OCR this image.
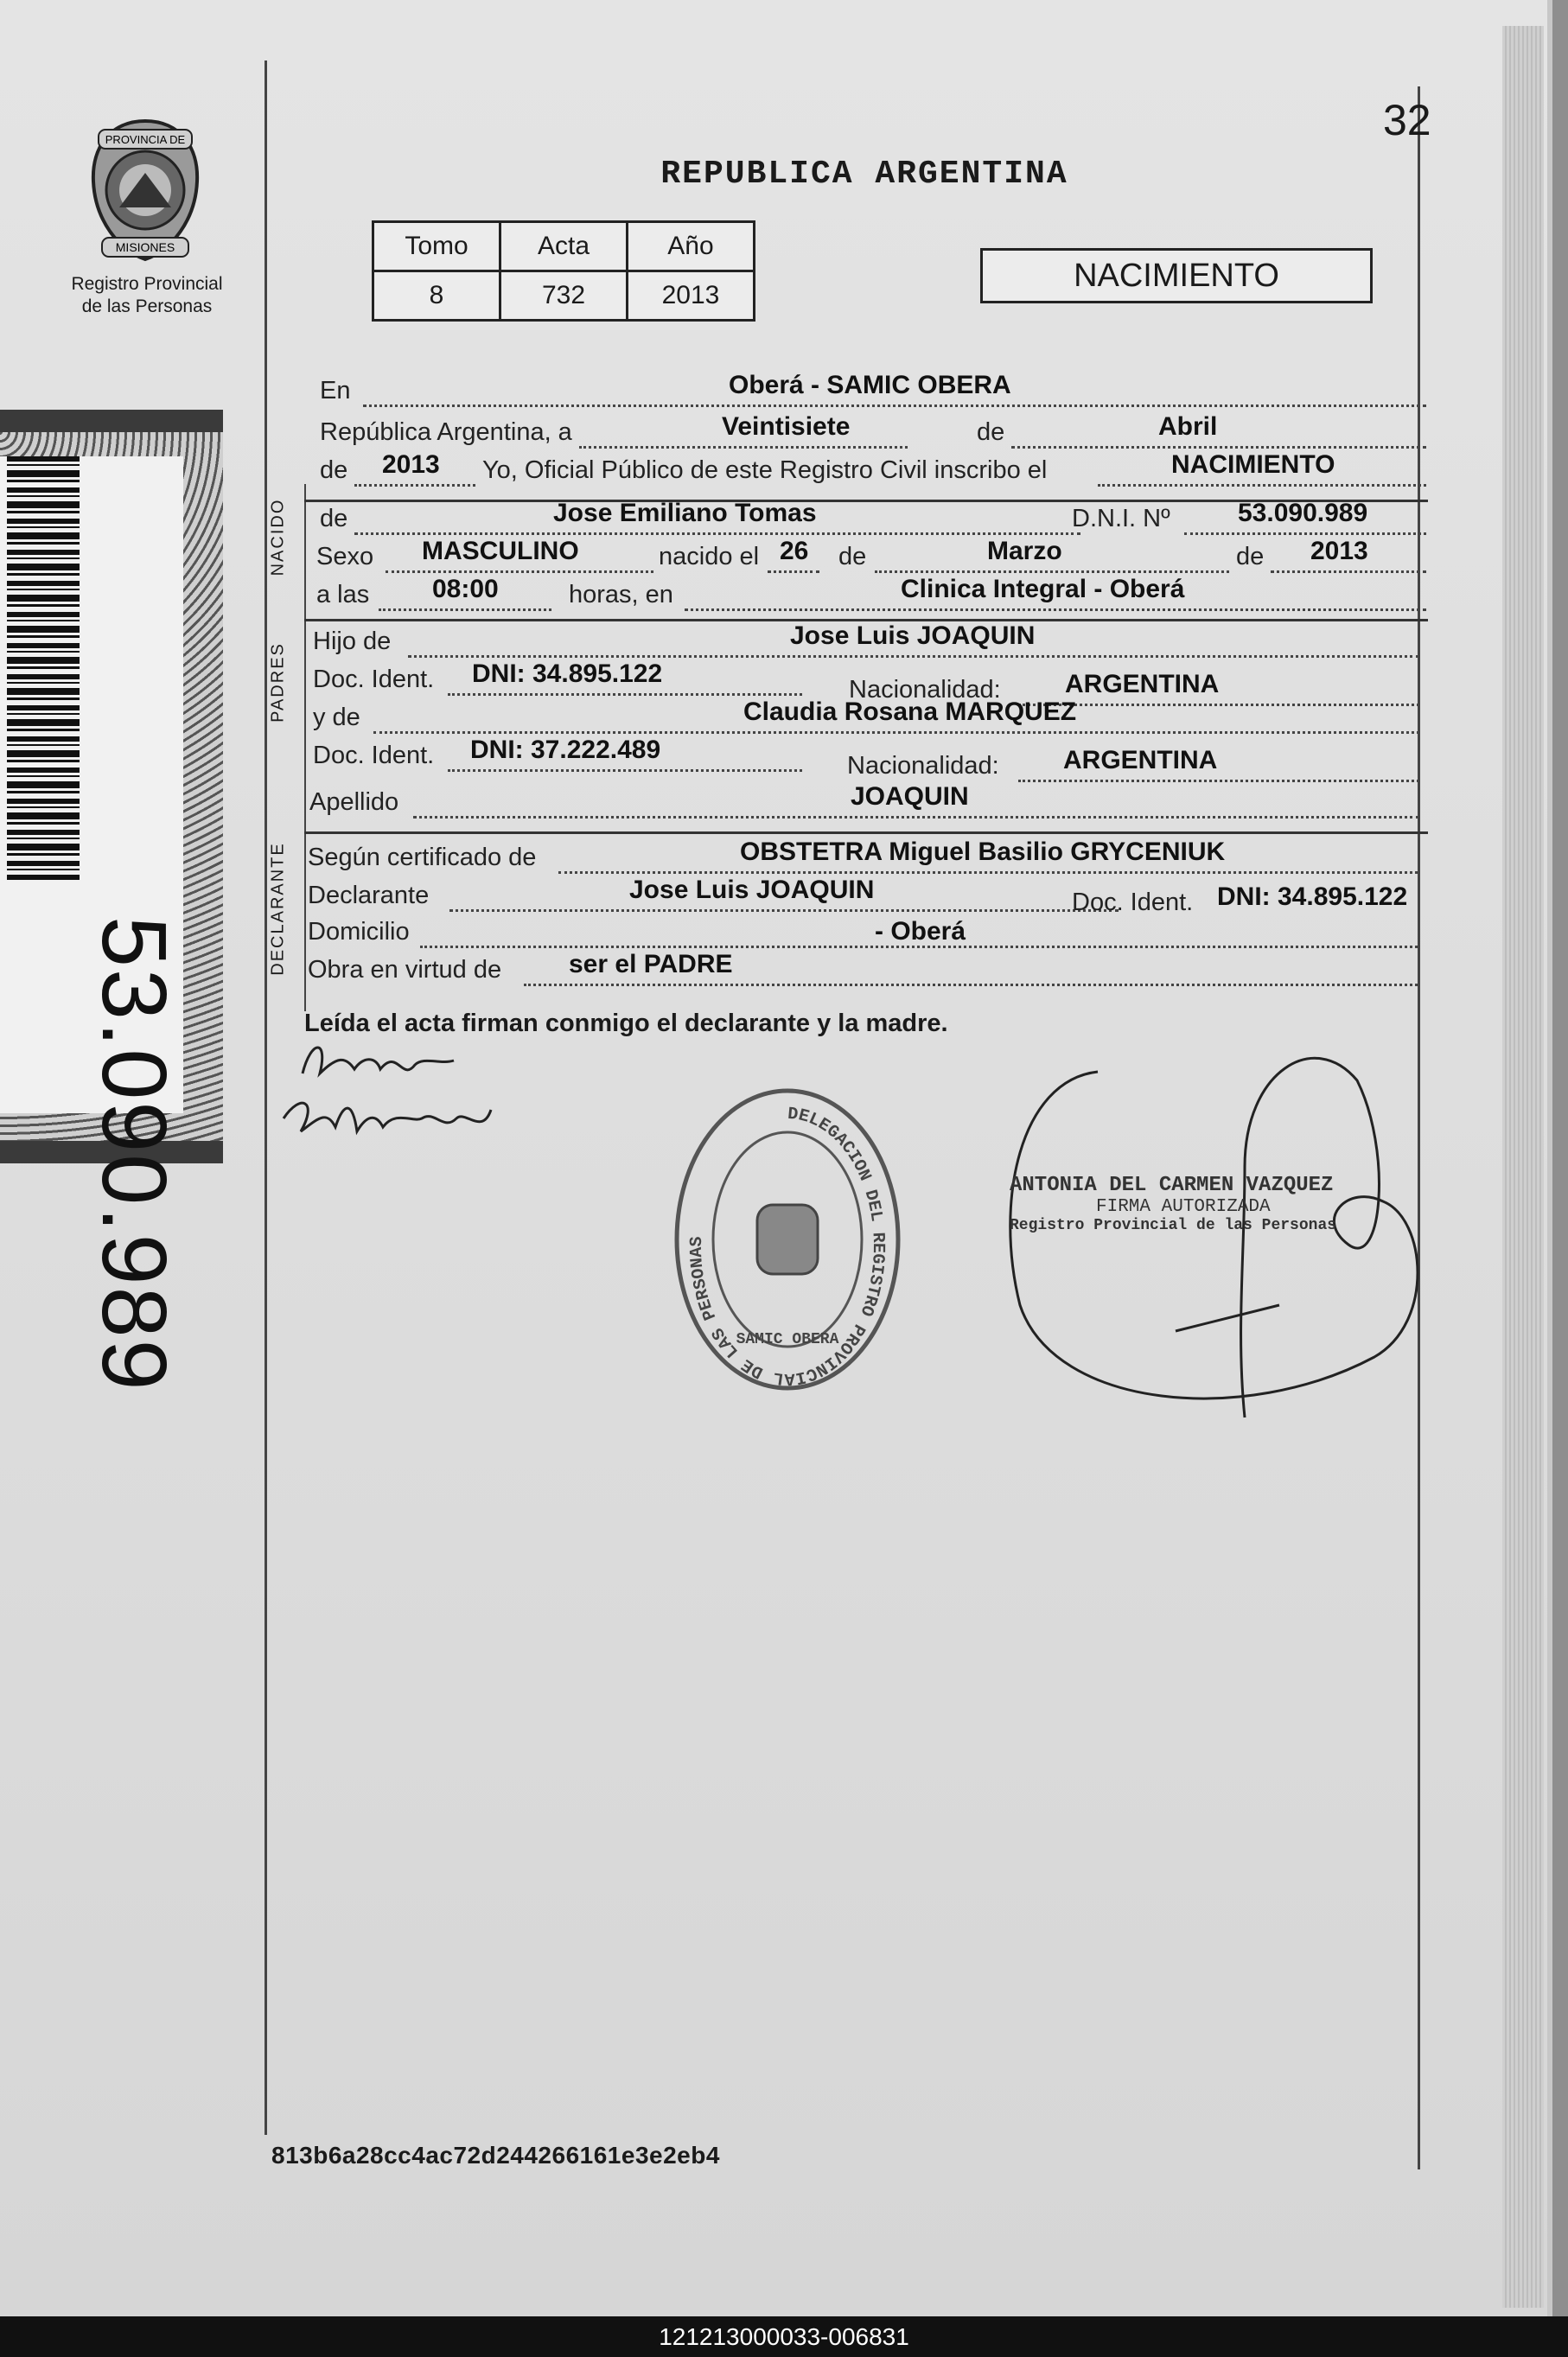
PROVINCIA DE
MISIONES
Registro Provincial
de las Personas
53.090.989
REPUBLICA ARGENTINA
32
Tomo	Acta	Año
8	732	2013
NACIMIENTO
NACIDO
PADRES
DECLARANTE
En	Oberá - SAMIC OBERA
República Argentina, a	Veintisiete	de	Abril
de 2013 Yo, Oficial Público de este Registro Civil inscribo el	NACIMIENTO
de	Jose Emiliano Tomas	D.N.I. Nº	53.090.989
Sexo MASCULINO	nacido el 26 de	Marzo	de 2013
a las 08:00	horas, en	Clinica Integral - Oberá
Hijo de	Jose Luis JOAQUIN
Doc. Ident. DNI: 34.895.122
Nacionalidad: ARGENTINA
y de	Claudia Rosana MARQUEZ
Doc. Ident. DNI: 37.222.489
Nacionalidad: ARGENTINA
Apellido	JOAQUIN
Según certificado de	OBSTETRA Miguel Basilio GRYCENIUK
Declarante	Jose Luis JOAQUIN	Doc. Ident. DNI: 34.895.122
Domicilio	- Oberá
Obra en virtud de	ser el PADRE
Leída el acta firman conmigo el declarante y la madre.
DELEGACION DEL REGISTRO PROVINCIAL DE LAS PERSONAS
SAMIC OBERA
ANTONIA DEL CARMEN VAZQUEZ
FIRMA AUTORIZADA
Registro Provincial de las Personas
813b6a28cc4ac72d244266161e3e2eb4
121213000033-006831
